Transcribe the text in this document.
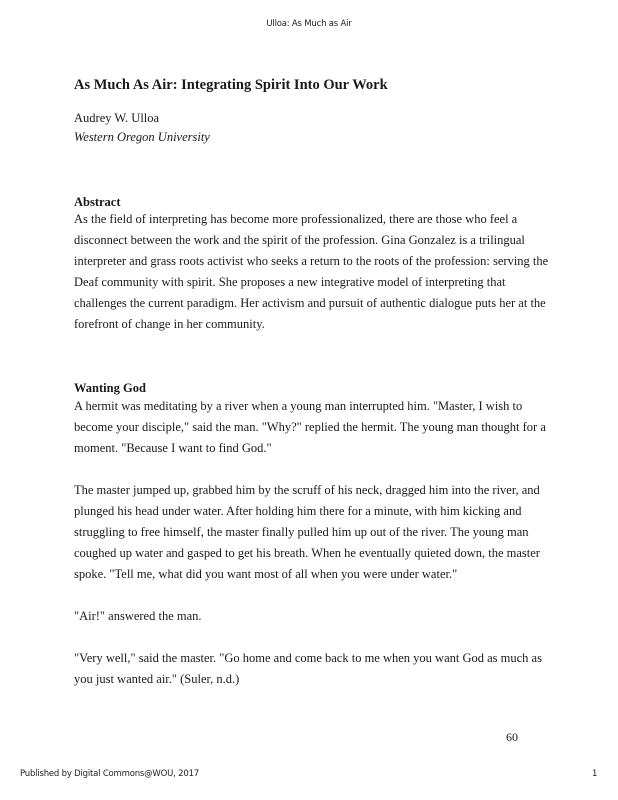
Ulloa: As Much as Air
As Much As Air: Integrating Spirit Into Our Work
Audrey W. Ulloa
Western Oregon University
Abstract
As the field of interpreting has become more professionalized, there are those who feel a
disconnect between the work and the spirit of the profession. Gina Gonzalez is a trilingual
interpreter and grass roots activist who seeks a return to the roots of the profession: serving the
Deaf community with spirit. She proposes a new integrative model of interpreting that
challenges the current paradigm. Her activism and pursuit of authentic dialogue puts her at the
forefront of change in her community.
Wanting God
A hermit was meditating by a river when a young man interrupted him. "Master, I wish to
become your disciple," said the man. "Why?" replied the hermit. The young man thought for a
moment. "Because I want to find God."
The master jumped up, grabbed him by the scruff of his neck, dragged him into the river, and
plunged his head under water. After holding him there for a minute, with him kicking and
struggling to free himself, the master finally pulled him up out of the river. The young man
coughed up water and gasped to get his breath. When he eventually quieted down, the master
spoke. "Tell me, what did you want most of all when you were under water."
"Air!" answered the man.
"Very well," said the master. "Go home and come back to me when you want God as much as
you just wanted air." (Suler, n.d.)
60
Published by Digital Commons@WOU, 2017	1
